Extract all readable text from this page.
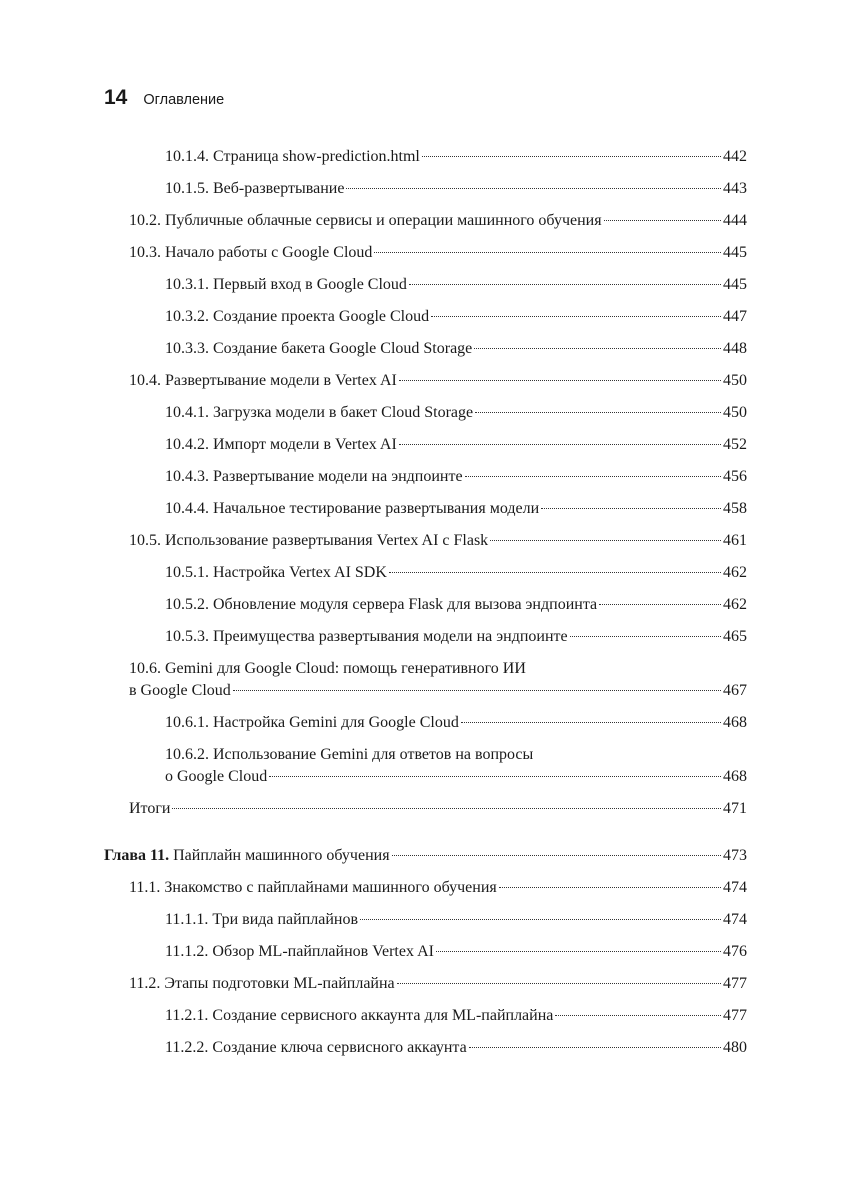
14 Оглавление
10.1.4. Страница show-prediction.html	442
10.1.5. Веб-развертывание	443
10.2. Публичные облачные сервисы и операции машинного обучения	444
10.3. Начало работы с Google Cloud	445
10.3.1. Первый вход в Google Cloud	445
10.3.2. Создание проекта Google Cloud	447
10.3.3. Создание бакета Google Cloud Storage	448
10.4. Развертывание модели в Vertex AI	450
10.4.1. Загрузка модели в бакет Cloud Storage	450
10.4.2. Импорт модели в Vertex AI	452
10.4.3. Развертывание модели на эндпоинте	456
10.4.4. Начальное тестирование развертывания модели	458
10.5. Использование развертывания Vertex AI с Flask	461
10.5.1. Настройка Vertex AI SDK	462
10.5.2. Обновление модуля сервера Flask для вызова эндпоинта	462
10.5.3. Преимущества развертывания модели на эндпоинте	465
10.6. Gemini для Google Cloud: помощь генеративного ИИ
в Google Cloud	467
10.6.1. Настройка Gemini для Google Cloud	468
10.6.2. Использование Gemini для ответов на вопросы
о Google Cloud	468
Итоги	471
Глава 11. Пайплайн машинного обучения	473
11.1. Знакомство с пайплайнами машинного обучения	474
11.1.1. Три вида пайплайнов	474
11.1.2. Обзор ML-пайплайнов Vertex AI	476
11.2. Этапы подготовки ML-пайплайна	477
11.2.1. Создание сервисного аккаунта для ML-пайплайна	477
11.2.2. Создание ключа сервисного аккаунта	480
